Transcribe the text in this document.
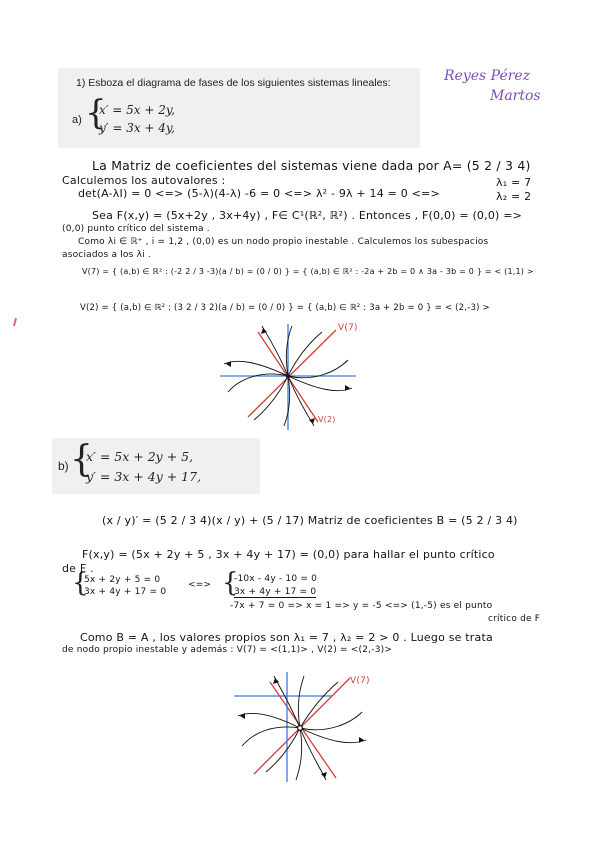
1) Esboza el diagrama de fases de los siguientes sistemas lineales:
a) {
x′ = 5x + 2y,
y′ = 3x + 4y,
Reyes Pérez
Martos
La Matriz de coeficientes del sistemas viene dada por A= (5 2 / 3 4)
Calculemos los autovalores :
det(A-λI) = 0 <=> (5-λ)(4-λ) -6 = 0 <=> λ² - 9λ + 14 = 0 <=>
λ₁ = 7
λ₂ = 2
Sea F(x,y) = (5x+2y , 3x+4y) , F∈ C¹(ℝ², ℝ²) . Entonces , F(0,0) = (0,0) =>
(0,0) punto crítico del sistema .
Como λi ∈ ℝ⁺ , i = 1,2 , (0,0) es un nodo propio inestable . Calculemos los subespacios
asociados a los λi .
V(7) = { (a,b) ∈ ℝ² : (-2 2 / 3 -3)(a / b) = (0 / 0) } = { (a,b) ∈ ℝ² : -2a + 2b = 0 ∧ 3a - 3b = 0 } = < (1,1) >
V(2) = { (a,b) ∈ ℝ² : (3 2 / 3 2)(a / b) = (0 / 0) } = { (a,b) ∈ ℝ² : 3a + 2b = 0 } = < (2,-3) >
V(7)
V(2)
b) {
x′ = 5x + 2y + 5,
y′ = 3x + 4y + 17,
(x / y)′ = (5 2 / 3 4)(x / y) + (5 / 17) Matriz de coeficientes B = (5 2 / 3 4)
F(x,y) = (5x + 2y + 5 , 3x + 4y + 17) = (0,0) para hallar el punto crítico
de F .
{
5x + 2y + 5 = 0
3x + 4y + 17 = 0
<=> {
-10x - 4y - 10 = 0
3x + 4y + 17 = 0
-7x + 7 = 0 => x = 1 => y = -5 <=> (1,-5) es el punto
crítico de F
Como B = A , los valores propios son λ₁ = 7 , λ₂ = 2 > 0 . Luego se trata
de nodo propio inestable y además : V(7) = <(1,1)> , V(2) = <(2,-3)>
V(7)
